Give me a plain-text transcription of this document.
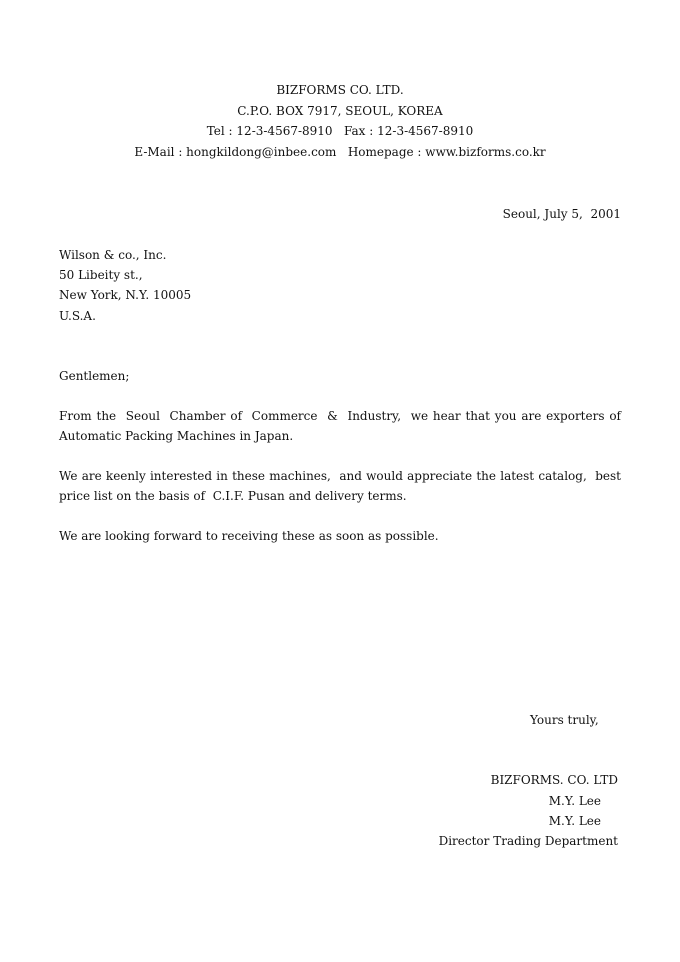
BIZFORMS CO. LTD.
C.P.O. BOX 7917, SEOUL, KOREA
Tel : 12-3-4567-8910   Fax : 12-3-4567-8910
E-Mail : hongkildong@inbee.com   Homepage : www.bizforms.co.kr
Seoul, July 5,  2001
Wilson & co., Inc.
50 Libeity st.,
New York, N.Y. 10005
U.S.A.
Gentlemen;
From the  Seoul  Chamber of  Commerce  &  Industry,  we hear that you are exporters of Automatic Packing Machines in Japan.
We are keenly interested in these machines,  and would appreciate the latest catalog,  best price list on the basis of  C.I.F. Pusan and delivery terms.
We are looking forward to receiving these as soon as possible.
Yours truly,
BIZFORMS. CO. LTD
M.Y. Lee
M.Y. Lee
Director Trading Department
